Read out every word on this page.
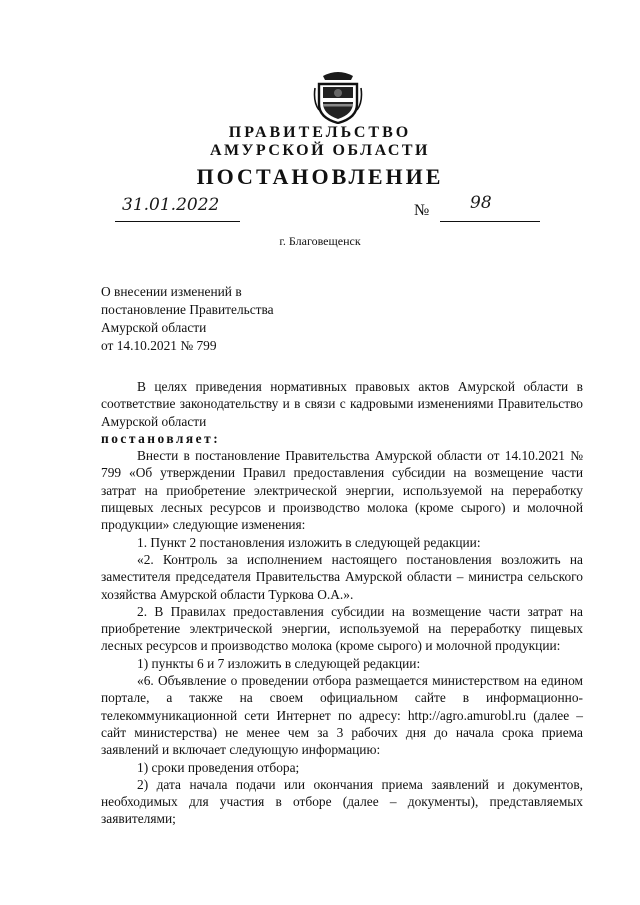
ПРАВИТЕЛЬСТВО
АМУРСКОЙ ОБЛАСТИ
ПОСТАНОВЛЕНИЕ
31.01.2022	№ 98
г. Благовещенск
О внесении изменений в
постановление Правительства
Амурской области
от 14.10.2021 № 799

В целях приведения нормативных правовых актов Амурской области в соответствие законодательству и в связи с кадровыми изменениями Правительство Амурской области

постановляет:

Внести в постановление Правительства Амурской области от 14.10.2021 № 799 «Об утверждении Правил предоставления субсидии на возмещение части затрат на приобретение электрической энергии, используемой на переработку пищевых лесных ресурсов и производство молока (кроме сырого) и молочной продукции» следующие изменения:

1. Пункт 2 постановления изложить в следующей редакции:

«2. Контроль за исполнением настоящего постановления возложить на заместителя председателя Правительства Амурской области – министра сельского хозяйства Амурской области Туркова О.А.».

2. В Правилах предоставления субсидии на возмещение части затрат на приобретение электрической энергии, используемой на переработку пищевых лесных ресурсов и производство молока (кроме сырого) и молочной продукции:

1) пункты 6 и 7 изложить в следующей редакции:

«6. Объявление о проведении отбора размещается министерством на едином портале, а также на своем официальном сайте в информационно-телекоммуникационной сети Интернет по адресу: http://agro.amurobl.ru (далее – сайт министерства) не менее чем за 3 рабочих дня до начала срока приема заявлений и включает следующую информацию:

1) сроки проведения отбора;

2) дата начала подачи или окончания приема заявлений и документов, необходимых для участия в отборе (далее – документы), представляемых заявителями;
